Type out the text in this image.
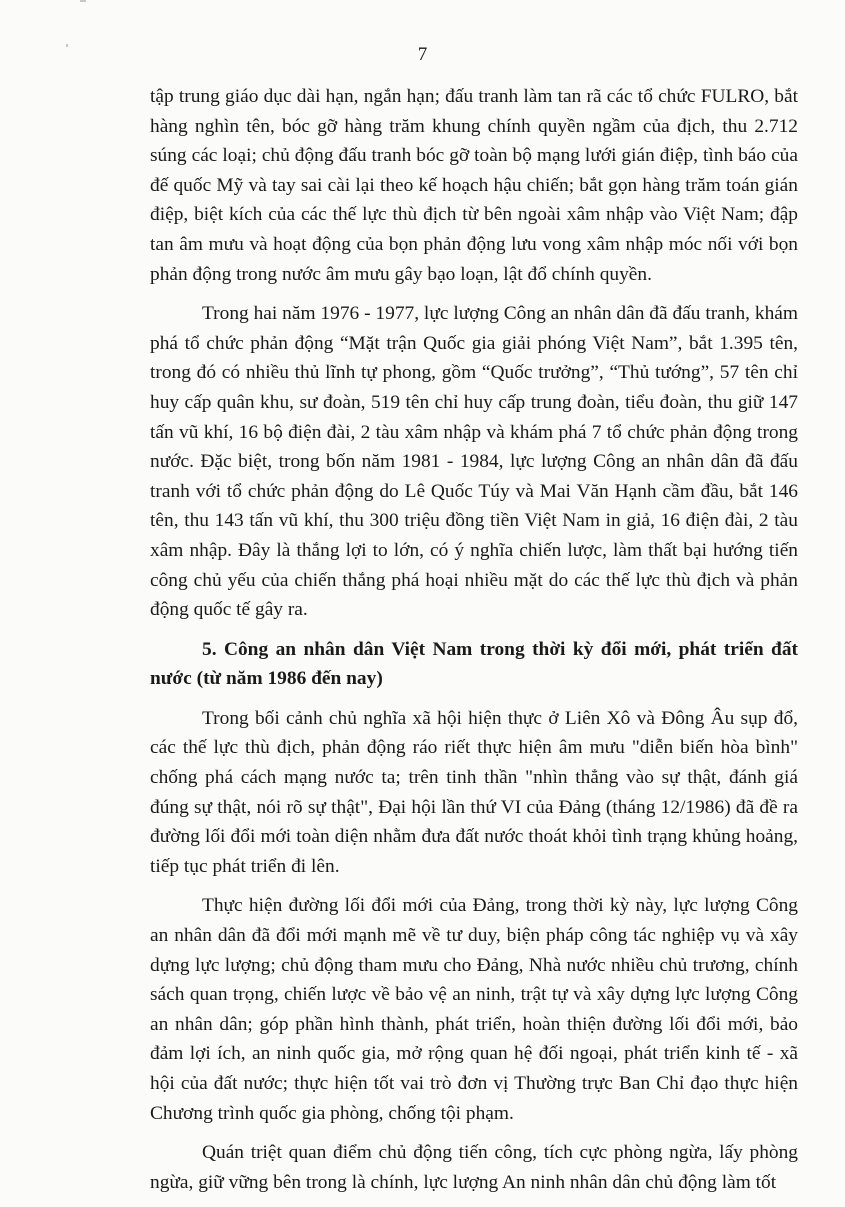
7

tập trung giáo dục dài hạn, ngắn hạn; đấu tranh làm tan rã các tổ chức FULRO, bắt hàng nghìn tên, bóc gỡ hàng trăm khung chính quyền ngầm của địch, thu 2.712 súng các loại; chủ động đấu tranh bóc gỡ toàn bộ mạng lưới gián điệp, tình báo của đế quốc Mỹ và tay sai cài lại theo kế hoạch hậu chiến; bắt gọn hàng trăm toán gián điệp, biệt kích của các thế lực thù địch từ bên ngoài xâm nhập vào Việt Nam; đập tan âm mưu và hoạt động của bọn phản động lưu vong xâm nhập móc nối với bọn phản động trong nước âm mưu gây bạo loạn, lật đổ chính quyền.

Trong hai năm 1976 - 1977, lực lượng Công an nhân dân đã đấu tranh, khám phá tổ chức phản động “Mặt trận Quốc gia giải phóng Việt Nam”, bắt 1.395 tên, trong đó có nhiều thủ lĩnh tự phong, gồm “Quốc trưởng”, “Thủ tướng”, 57 tên chỉ huy cấp quân khu, sư đoàn, 519 tên chỉ huy cấp trung đoàn, tiểu đoàn, thu giữ 147 tấn vũ khí, 16 bộ điện đài, 2 tàu xâm nhập và khám phá 7 tổ chức phản động trong nước. Đặc biệt, trong bốn năm 1981 - 1984, lực lượng Công an nhân dân đã đấu tranh với tổ chức phản động do Lê Quốc Túy và Mai Văn Hạnh cầm đầu, bắt 146 tên, thu 143 tấn vũ khí, thu 300 triệu đồng tiền Việt Nam in giả, 16 điện đài, 2 tàu xâm nhập. Đây là thắng lợi to lớn, có ý nghĩa chiến lược, làm thất bại hướng tiến công chủ yếu của chiến thắng phá hoại nhiều mặt do các thế lực thù địch và phản động quốc tế gây ra.

5. Công an nhân dân Việt Nam trong thời kỳ đổi mới, phát triển đất nước (từ năm 1986 đến nay)

Trong bối cảnh chủ nghĩa xã hội hiện thực ở Liên Xô và Đông Âu sụp đổ, các thế lực thù địch, phản động ráo riết thực hiện âm mưu "diễn biến hòa bình" chống phá cách mạng nước ta; trên tinh thần "nhìn thẳng vào sự thật, đánh giá đúng sự thật, nói rõ sự thật", Đại hội lần thứ VI của Đảng (tháng 12/1986) đã đề ra đường lối đổi mới toàn diện nhằm đưa đất nước thoát khỏi tình trạng khủng hoảng, tiếp tục phát triển đi lên.

Thực hiện đường lối đổi mới của Đảng, trong thời kỳ này, lực lượng Công an nhân dân đã đổi mới mạnh mẽ về tư duy, biện pháp công tác nghiệp vụ và xây dựng lực lượng; chủ động tham mưu cho Đảng, Nhà nước nhiều chủ trương, chính sách quan trọng, chiến lược về bảo vệ an ninh, trật tự và xây dựng lực lượng Công an nhân dân; góp phần hình thành, phát triển, hoàn thiện đường lối đổi mới, bảo đảm lợi ích, an ninh quốc gia, mở rộng quan hệ đối ngoại, phát triển kinh tế - xã hội của đất nước; thực hiện tốt vai trò đơn vị Thường trực Ban Chỉ đạo thực hiện Chương trình quốc gia phòng, chống tội phạm.

Quán triệt quan điểm chủ động tiến công, tích cực phòng ngừa, lấy phòng ngừa, giữ vững bên trong là chính, lực lượng An ninh nhân dân chủ động làm tốt
